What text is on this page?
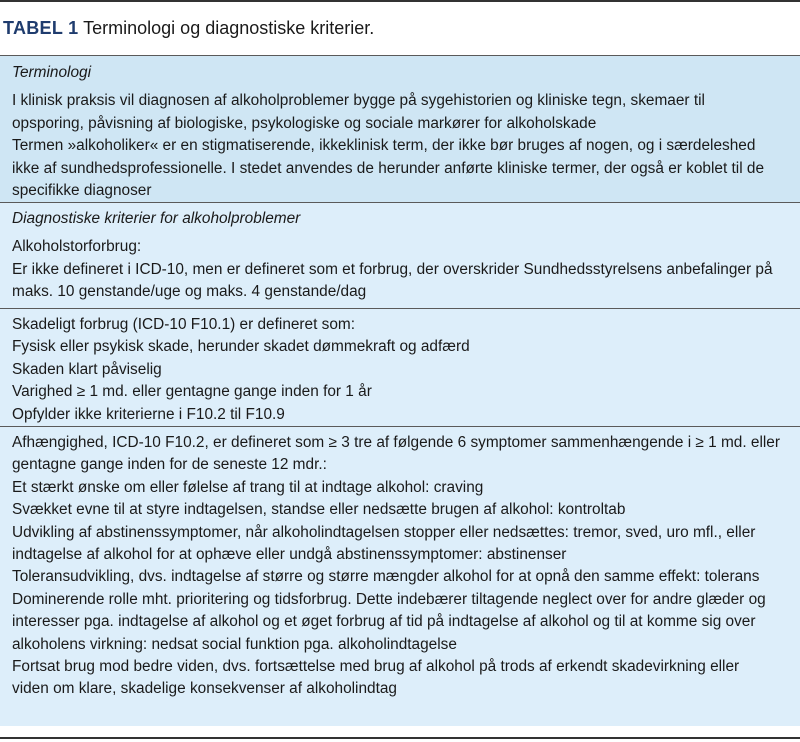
TABEL 1 Terminologi og diagnostiske kriterier.
Terminologi

I klinisk praksis vil diagnosen af alkoholproblemer bygge på sygehistorien og kliniske tegn, skemaer til opsporing, påvisning af biologiske, psykologiske og sociale markører for alkoholskade

Termen »alkoholiker« er en stigmatiserende, ikkeklinisk term, der ikke bør bruges af nogen, og i særdeleshed ikke af sundhedsprofessionelle. I stedet anvendes de herunder anførte kliniske termer, der også er koblet til de specifikke diagnoser

Diagnostiske kriterier for alkoholproblemer

Alkoholstorforbrug:

Er ikke defineret i ICD-10, men er defineret som et forbrug, der overskrider Sundhedsstyrelsens anbefalinger på maks. 10 genstande/uge og maks. 4 genstande/dag

Skadeligt forbrug (ICD-10 F10.1) er defineret som:

Fysisk eller psykisk skade, herunder skadet dømmekraft og adfærd

Skaden klart påviselig

Varighed ≥ 1 md. eller gentagne gange inden for 1 år

Opfylder ikke kriterierne i F10.2 til F10.9

Afhængighed, ICD-10 F10.2, er defineret som ≥ 3 tre af følgende 6 symptomer sammenhængende i ≥ 1 md. eller gentagne gange inden for de seneste 12 mdr.:

Et stærkt ønske om eller følelse af trang til at indtage alkohol: craving

Svækket evne til at styre indtagelsen, standse eller nedsætte brugen af alkohol: kontroltab

Udvikling af abstinenssymptomer, når alkoholindtagelsen stopper eller nedsættes: tremor, sved, uro mfl., eller indtagelse af alkohol for at ophæve eller undgå abstinenssymptomer: abstinenser

Toleransudvikling, dvs. indtagelse af større og større mængder alkohol for at opnå den samme effekt: tolerans

Dominerende rolle mht. prioritering og tidsforbrug. Dette indebærer tiltagende neglect over for andre glæder og interesser pga. indtagelse af alkohol og et øget forbrug af tid på indtagelse af alkohol og til at komme sig over alkoholens virkning: nedsat social funktion pga. alkoholindtagelse

Fortsat brug mod bedre viden, dvs. fortsættelse med brug af alkohol på trods af erkendt skadevirkning eller viden om klare, skadelige konsekvenser af alkoholindtag
